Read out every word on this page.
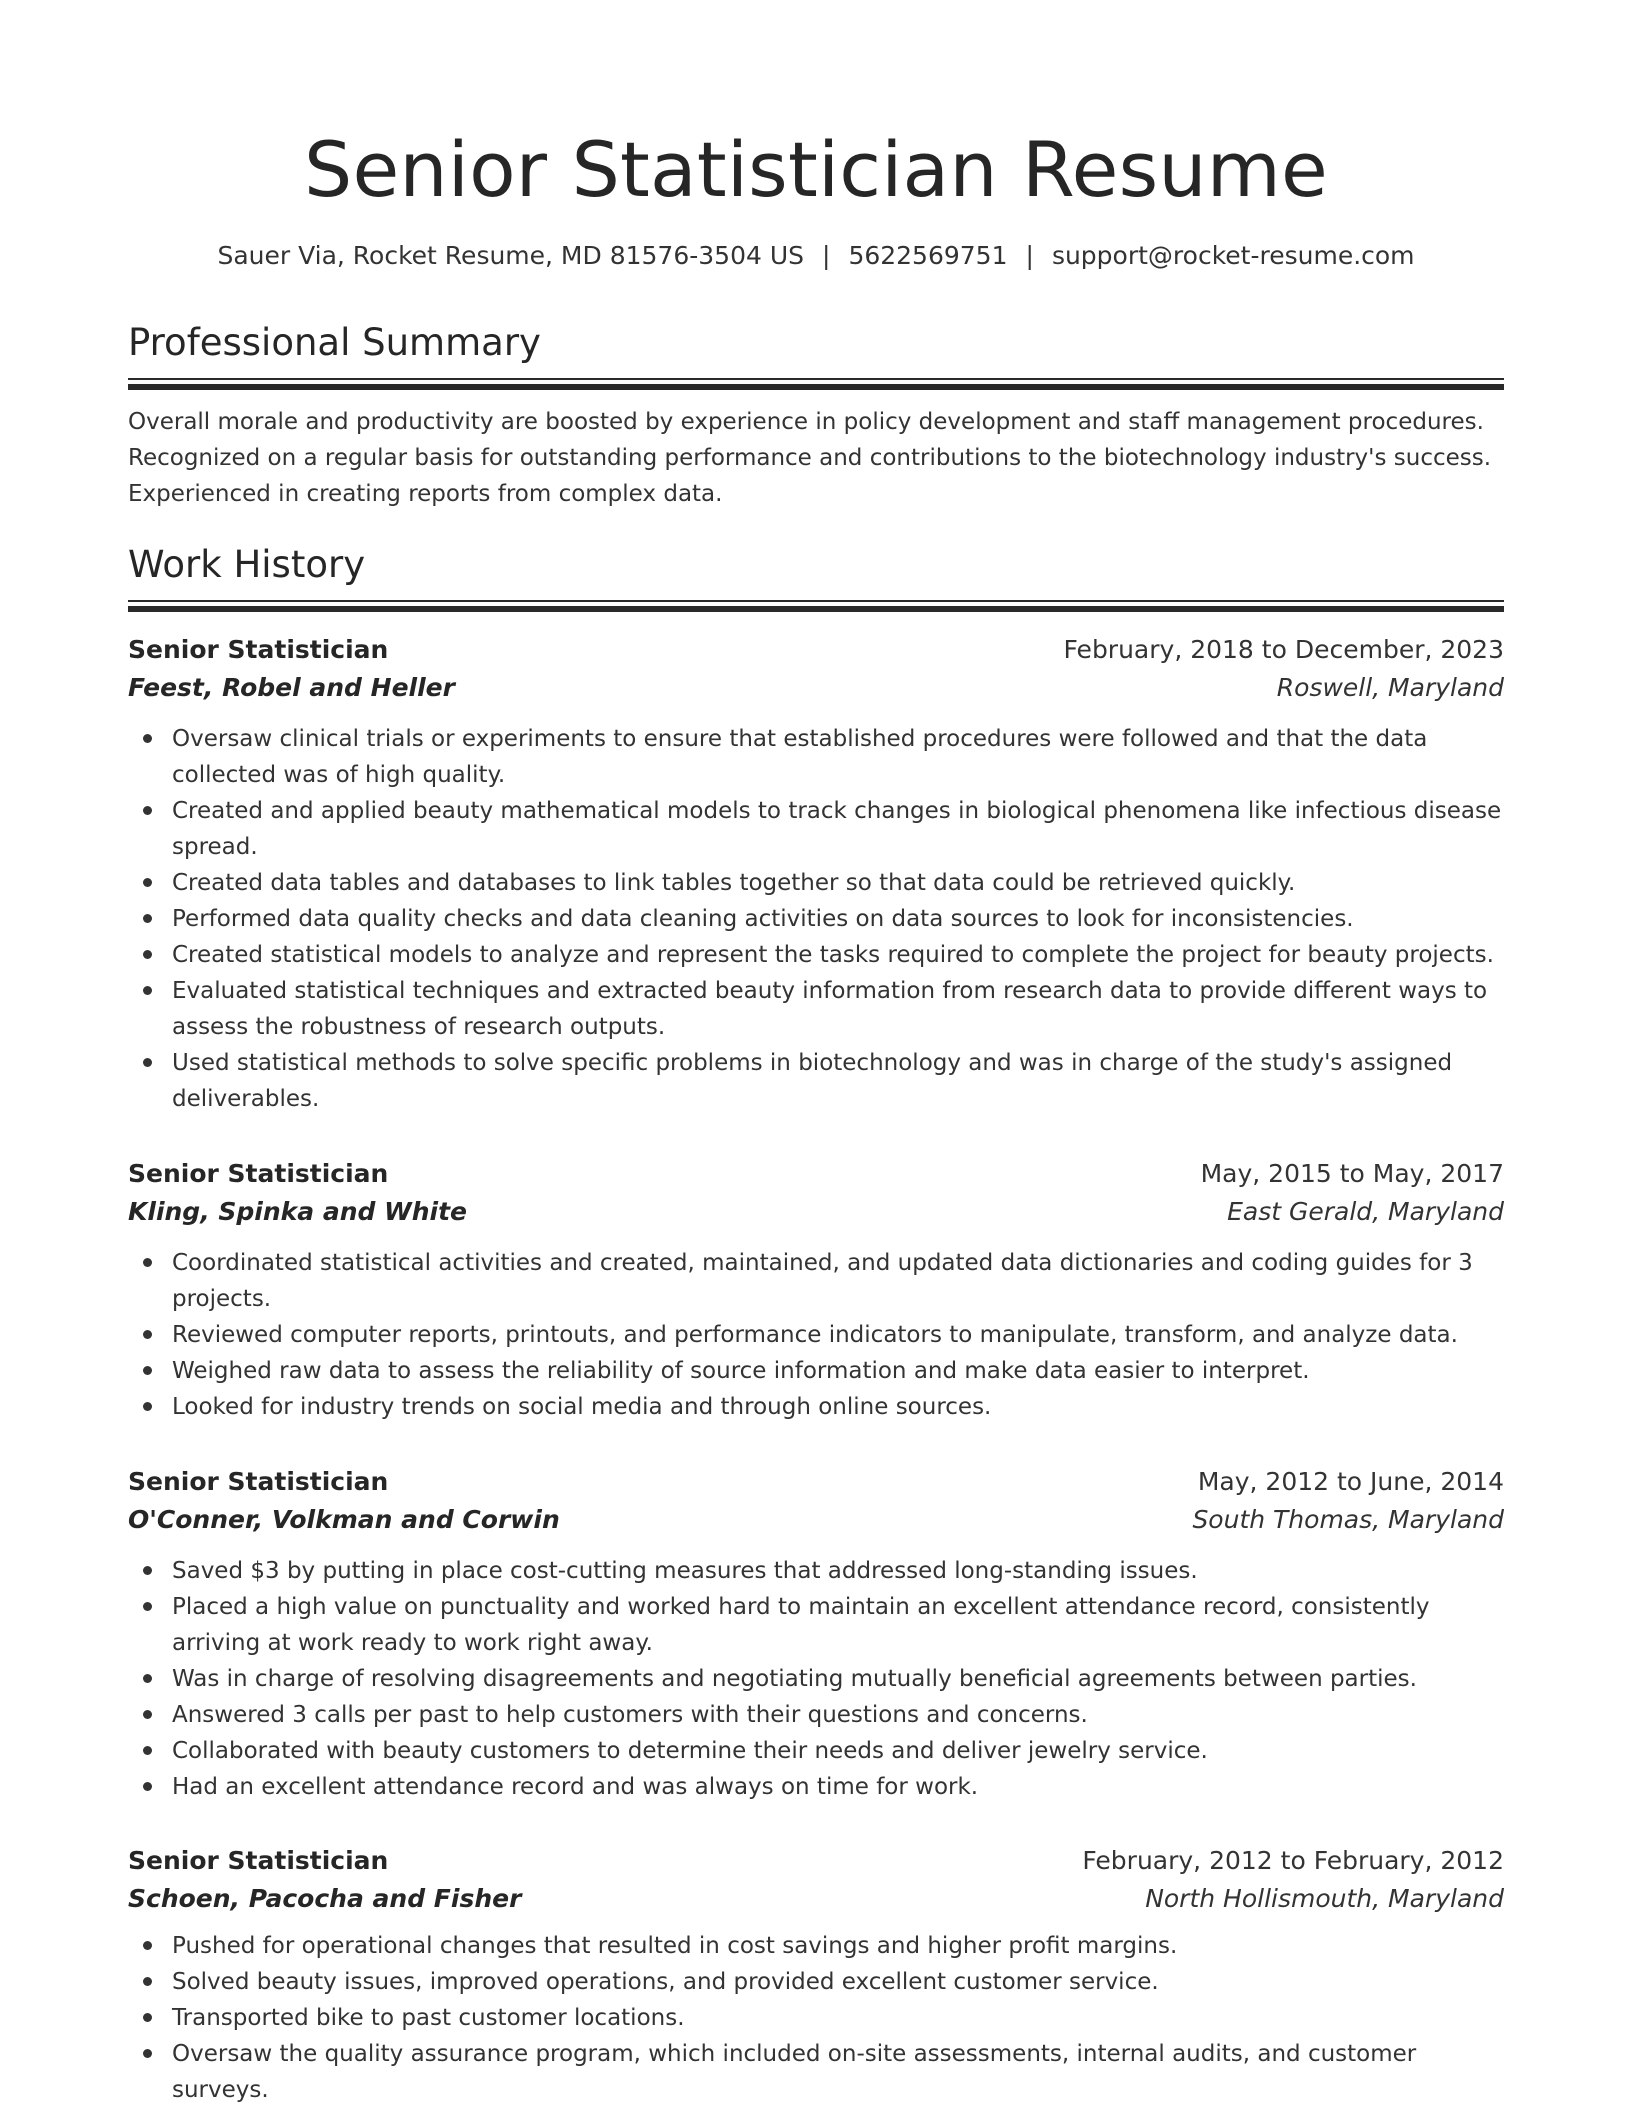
Senior Statistician Resume
Sauer Via, Rocket Resume, MD 81576-3504 US | 5622569751 | support@rocket-resume.com
Professional Summary

Overall morale and productivity are boosted by experience in policy development and staff management procedures. Recognized on a regular basis for outstanding performance and contributions to the biotechnology industry's success. Experienced in creating reports from complex data.

Work History
Senior Statistician	February, 2018 to December, 2023
Feest, Robel and Heller	Roswell, Maryland
Oversaw clinical trials or experiments to ensure that established procedures were followed and that the data collected was of high quality.
Created and applied beauty mathematical models to track changes in biological phenomena like infectious disease spread.
Created data tables and databases to link tables together so that data could be retrieved quickly.
Performed data quality checks and data cleaning activities on data sources to look for inconsistencies.
Created statistical models to analyze and represent the tasks required to complete the project for beauty projects.
Evaluated statistical techniques and extracted beauty information from research data to provide different ways to assess the robustness of research outputs.
Used statistical methods to solve specific problems in biotechnology and was in charge of the study's assigned deliverables.
Senior Statistician	May, 2015 to May, 2017
Kling, Spinka and White	East Gerald, Maryland
Coordinated statistical activities and created, maintained, and updated data dictionaries and coding guides for 3 projects.
Reviewed computer reports, printouts, and performance indicators to manipulate, transform, and analyze data.
Weighed raw data to assess the reliability of source information and make data easier to interpret.
Looked for industry trends on social media and through online sources.
Senior Statistician	May, 2012 to June, 2014
O'Conner, Volkman and Corwin	South Thomas, Maryland
Saved $3 by putting in place cost-cutting measures that addressed long-standing issues.
Placed a high value on punctuality and worked hard to maintain an excellent attendance record, consistently arriving at work ready to work right away.
Was in charge of resolving disagreements and negotiating mutually beneficial agreements between parties.
Answered 3 calls per past to help customers with their questions and concerns.
Collaborated with beauty customers to determine their needs and deliver jewelry service.
Had an excellent attendance record and was always on time for work.
Senior Statistician	February, 2012 to February, 2012
Schoen, Pacocha and Fisher	North Hollismouth, Maryland
Pushed for operational changes that resulted in cost savings and higher profit margins.
Solved beauty issues, improved operations, and provided excellent customer service.
Transported bike to past customer locations.
Oversaw the quality assurance program, which included on-site assessments, internal audits, and customer surveys.
